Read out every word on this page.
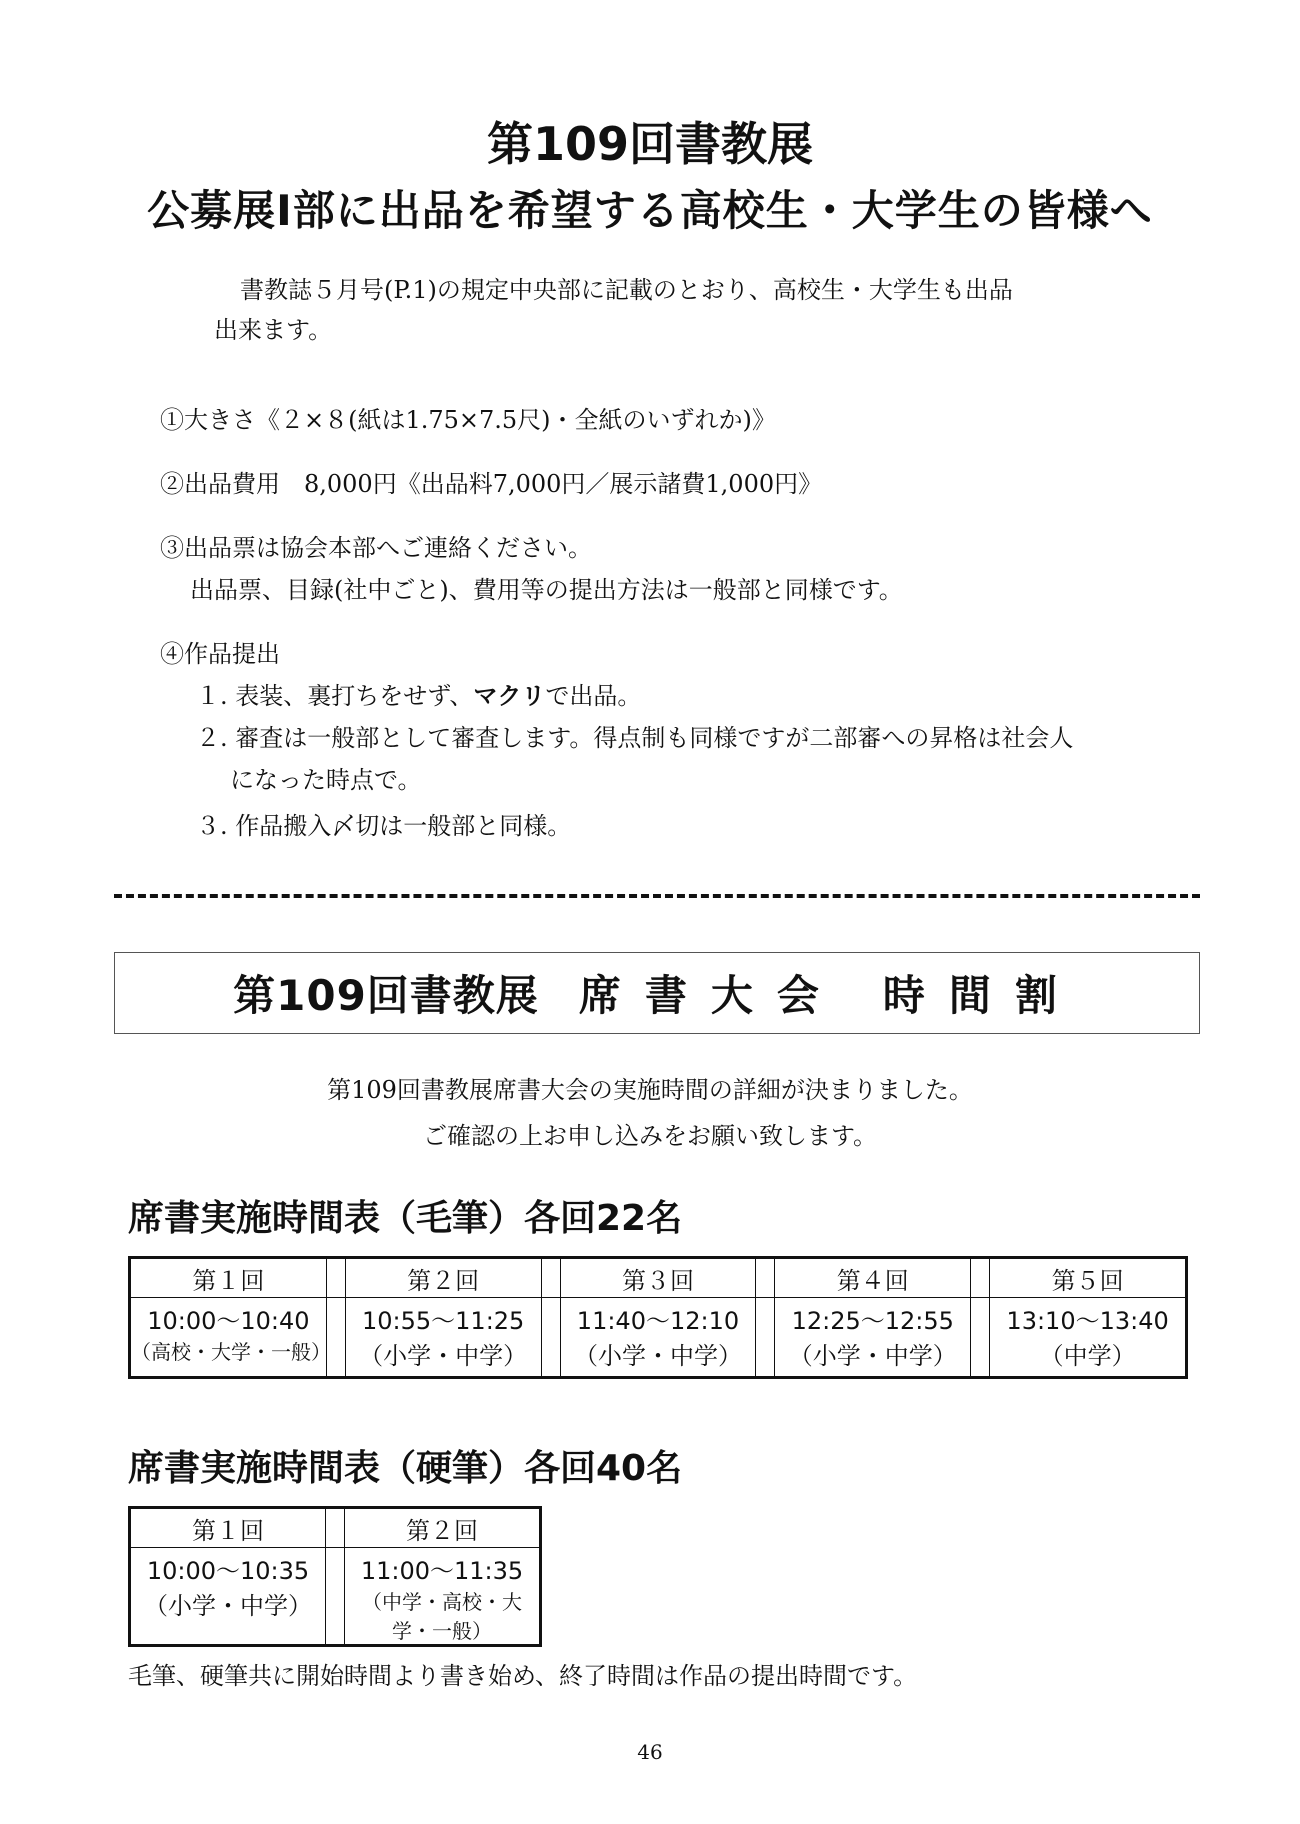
第109回書教展
公募展Ⅰ部に出品を希望する高校生・大学生の皆様へ
書教誌５月号(P.1)の規定中央部に記載のとおり、高校生・大学生も出品
出来ます。
①大きさ《２×８(紙は1.75×7.5尺)・全紙のいずれか)》
②出品費用　8,000円《出品料7,000円／展示諸費1,000円》
③出品票は協会本部へご連絡ください。
出品票、目録(社中ごと)、費用等の提出方法は一般部と同様です。
④作品提出
１. 表装、裏打ちをせず、マクリで出品。
２. 審査は一般部として審査します。得点制も同様ですが二部審への昇格は社会人
になった時点で。
３. 作品搬入〆切は一般部と同様。
第109回書教展 席書大会 時間割
第109回書教展席書大会の実施時間の詳細が決まりました。
ご確認の上お申し込みをお願い致します。
席書実施時間表（毛筆）各回22名
第１回		第２回		第３回		第４回		第５回
10:00～10:40		10:55～11:25		11:40～12:10		12:25～12:55		13:10～13:40
（高校・大学・一般）		（小学・中学）		（小学・中学）		（小学・中学）		（中学）
席書実施時間表（硬筆）各回40名
第１回		第２回
10:00～10:35		11:00～11:35
（小学・中学）		（中学・高校・大学・一般）
毛筆、硬筆共に開始時間より書き始め、終了時間は作品の提出時間です。
46
